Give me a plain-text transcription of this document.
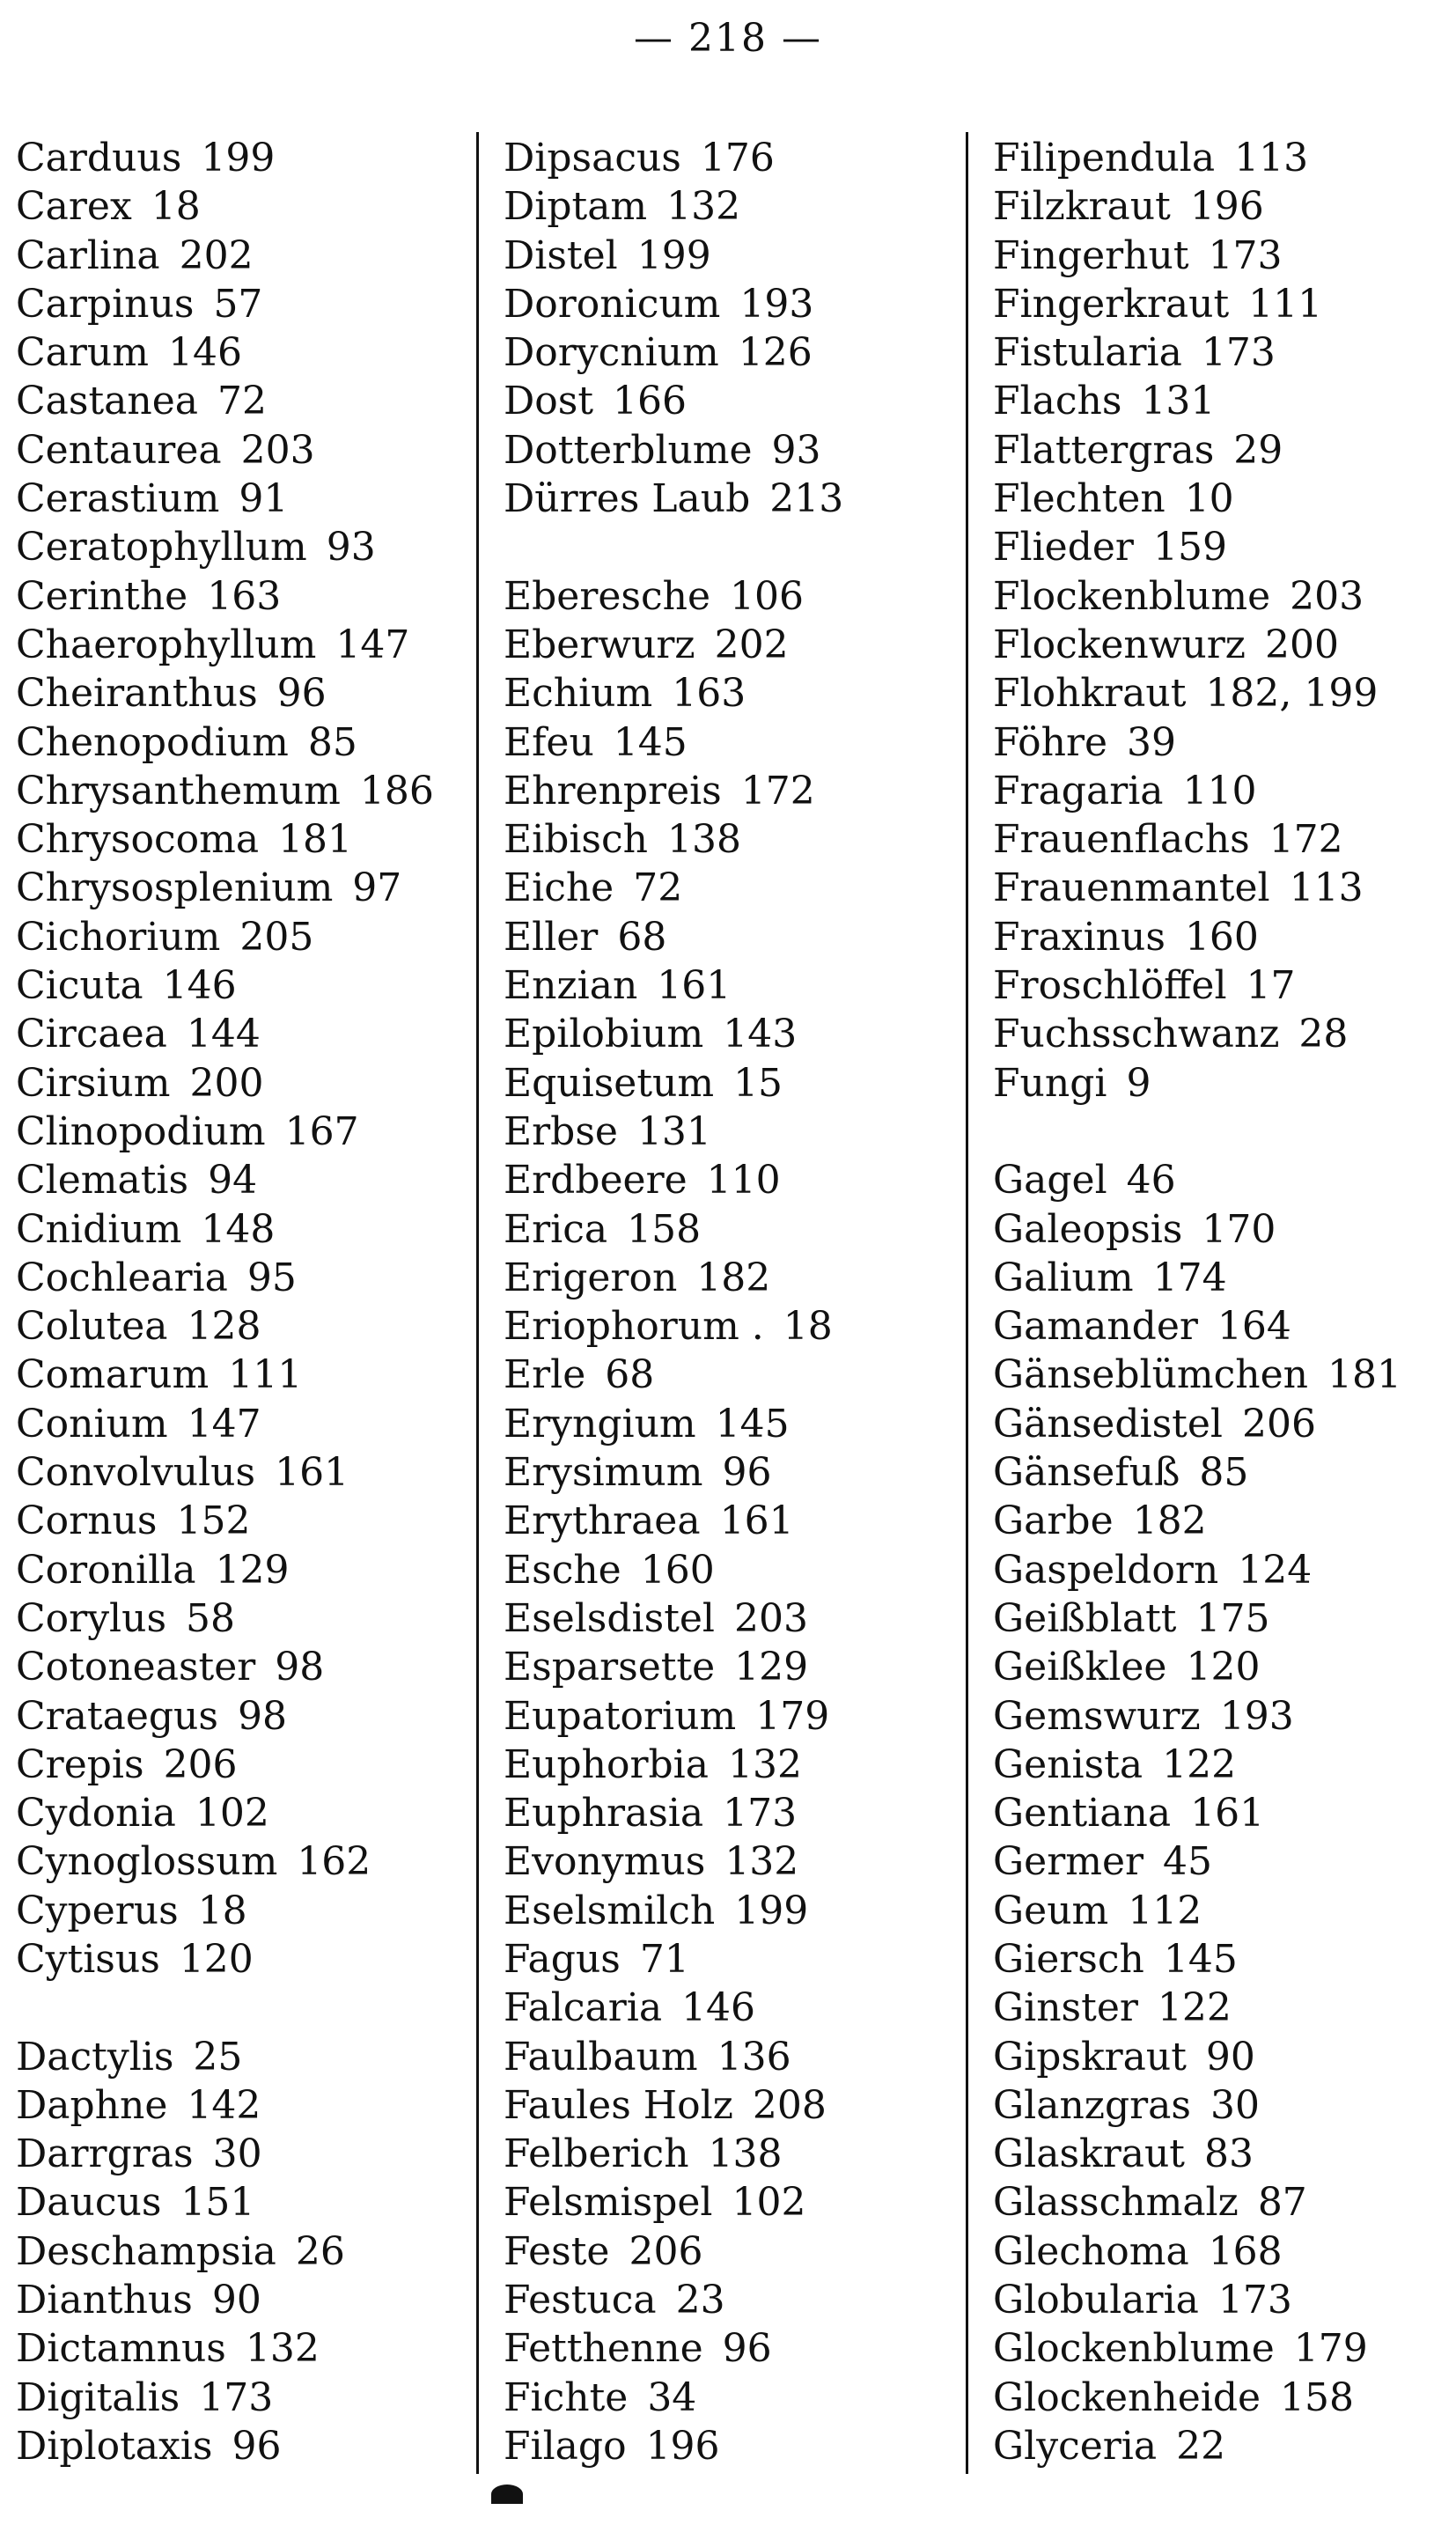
— 218 —
Carduus 199
Carex 18
Carlina 202
Carpinus 57
Carum 146
Castanea 72
Centaurea 203
Cerastium 91
Ceratophyllum 93
Cerinthe 163
Chaerophyllum 147
Cheiranthus 96
Chenopodium 85
Chrysanthemum 186
Chrysocoma 181
Chrysosplenium 97
Cichorium 205
Cicuta 146
Circaea 144
Cirsium 200
Clinopodium 167
Clematis 94
Cnidium 148
Cochlearia 95
Colutea 128
Comarum 111
Conium 147
Convolvulus 161
Cornus 152
Coronilla 129
Corylus 58
Cotoneaster 98
Crataegus 98
Crepis 206
Cydonia 102
Cynoglossum 162
Cyperus 18
Cytisus 120
Dactylis 25
Daphne 142
Darrgras 30
Daucus 151
Deschampsia 26
Dianthus 90
Dictamnus 132
Digitalis 173
Diplotaxis 96
Dipsacus 176
Diptam 132
Distel 199
Doronicum 193
Dorycnium 126
Dost 166
Dotterblume 93
Dürres Laub 213
Eberesche 106
Eberwurz 202
Echium 163
Efeu 145
Ehrenpreis 172
Eibisch 138
Eiche 72
Eller 68
Enzian 161
Epilobium 143
Equisetum 15
Erbse 131
Erdbeere 110
Erica 158
Erigeron 182
Eriophorum . 18
Erle 68
Eryngium 145
Erysimum 96
Erythraea 161
Esche 160
Eselsdistel 203
Esparsette 129
Eupatorium 179
Euphorbia 132
Euphrasia 173
Evonymus 132
Eselsmilch 199
Fagus 71
Falcaria 146
Faulbaum 136
Faules Holz 208
Felberich 138
Felsmispel 102
Feste 206
Festuca 23
Fetthenne 96
Fichte 34
Filago 196
Filipendula 113
Filzkraut 196
Fingerhut 173
Fingerkraut 111
Fistularia 173
Flachs 131
Flattergras 29
Flechten 10
Flieder 159
Flockenblume 203
Flockenwurz 200
Flohkraut 182, 199
Föhre 39
Fragaria 110
Frauenflachs 172
Frauenmantel 113
Fraxinus 160
Froschlöffel 17
Fuchsschwanz 28
Fungi 9
Gagel 46
Galeopsis 170
Galium 174
Gamander 164
Gänseblümchen 181
Gänsedistel 206
Gänsefuß 85
Garbe 182
Gaspeldorn 124
Geißblatt 175
Geißklee 120
Gemswurz 193
Genista 122
Gentiana 161
Germer 45
Geum 112
Giersch 145
Ginster 122
Gipskraut 90
Glanzgras 30
Glaskraut 83
Glasschmalz 87
Glechoma 168
Globularia 173
Glockenblume 179
Glockenheide 158
Glyceria 22
